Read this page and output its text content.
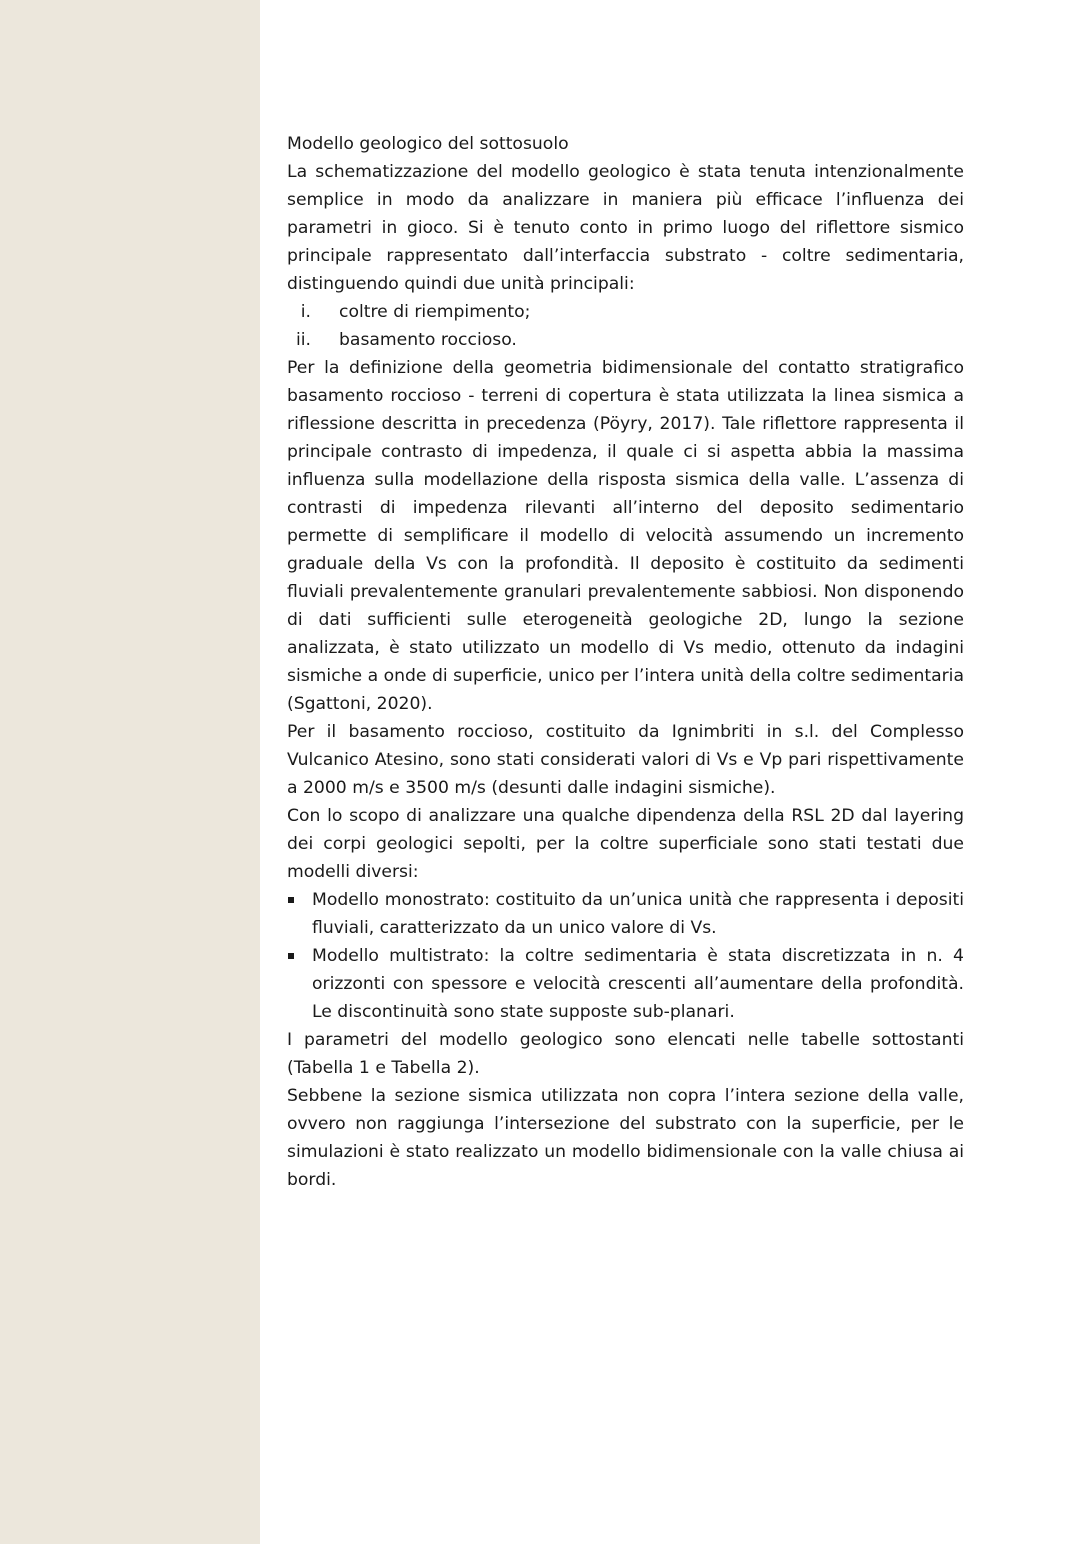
Modello geologico del sottosuolo

La schematizzazione del modello geologico è stata tenuta intenzionalmente semplice in modo da analizzare in maniera più efficace l’influenza dei parametri in gioco. Si è tenuto conto in primo luogo del riflettore sismico principale rappresentato dall’interfaccia substrato - coltre sedimentaria, distinguendo quindi due unità principali:

i. coltre di riempimento;
ii. basamento roccioso.

Per la definizione della geometria bidimensionale del contatto stratigrafico basamento roccioso - terreni di copertura è stata utilizzata la linea sismica a riflessione descritta in precedenza (Pöyry, 2017). Tale riflettore rappresenta il principale contrasto di impedenza, il quale ci si aspetta abbia la massima influenza sulla modellazione della risposta sismica della valle. L’assenza di contrasti di impedenza rilevanti all’interno del deposito sedimentario permette di semplificare il modello di velocità assumendo un incremento graduale della Vs con la profondità. Il deposito è costituito da sedimenti fluviali prevalentemente granulari prevalentemente sabbiosi. Non disponendo di dati sufficienti sulle eterogeneità geologiche 2D, lungo la sezione analizzata, è stato utilizzato un modello di Vs medio, ottenuto da indagini sismiche a onde di superficie, unico per l’intera unità della coltre sedimentaria (Sgattoni, 2020).

Per il basamento roccioso, costituito da Ignimbriti in s.l. del Complesso Vulcanico Atesino, sono stati considerati valori di Vs e Vp pari rispettivamente a 2000 m/s e 3500 m/s (desunti dalle indagini sismiche).

Con lo scopo di analizzare una qualche dipendenza della RSL 2D dal layering dei corpi geologici sepolti, per la coltre superficiale sono stati testati due modelli diversi:

Modello monostrato: costituito da un’unica unità che rappresenta i depositi fluviali, caratterizzato da un unico valore di Vs.
Modello multistrato: la coltre sedimentaria è stata discretizzata in n. 4 orizzonti con spessore e velocità crescenti all’aumentare della profondità. Le discontinuità sono state supposte sub-planari.

I parametri del modello geologico sono elencati nelle tabelle sottostanti (Tabella 1 e Tabella 2).

Sebbene la sezione sismica utilizzata non copra l’intera sezione della valle, ovvero non raggiunga l’intersezione del substrato con la superficie, per le simulazioni è stato realizzato un modello bidimensionale con la valle chiusa ai bordi.
